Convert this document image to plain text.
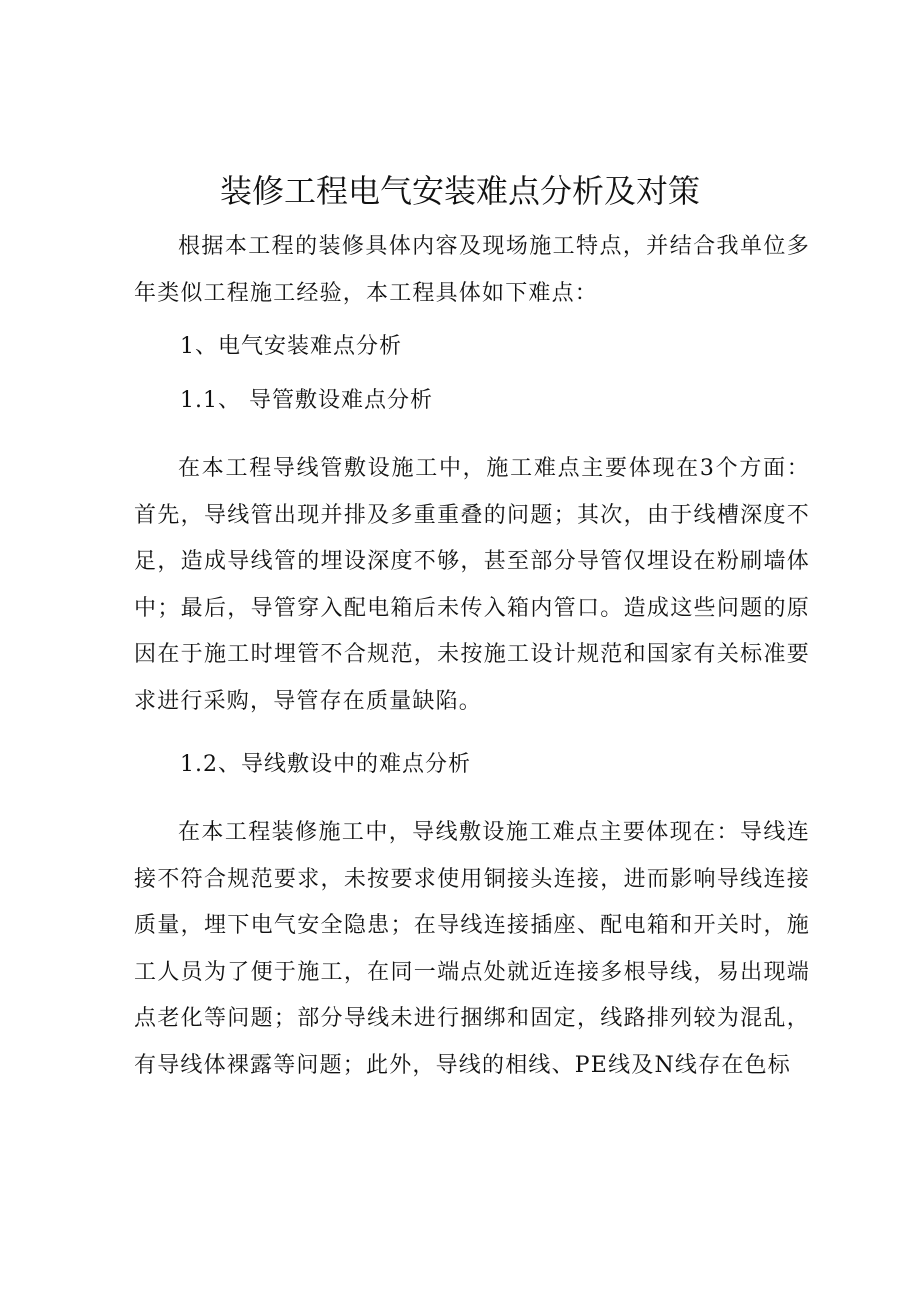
装修工程电气安装难点分析及对策

根据本工程的装修具体内容及现场施工特点，并结合我单位多年类似工程施工经验，本工程具体如下难点：

1、电气安装难点分析
1.1、 导管敷设难点分析

在本工程导线管敷设施工中，施工难点主要体现在3个方面：首先，导线管出现并排及多重重叠的问题；其次，由于线槽深度不足，造成导线管的埋设深度不够，甚至部分导管仅埋设在粉刷墙体中；最后，导管穿入配电箱后未传入箱内管口。造成这些问题的原因在于施工时埋管不合规范，未按施工设计规范和国家有关标准要求进行采购，导管存在质量缺陷。

1.2、导线敷设中的难点分析

在本工程装修施工中，导线敷设施工难点主要体现在：导线连接不符合规范要求，未按要求使用铜接头连接，进而影响导线连接质量，埋下电气安全隐患；在导线连接插座、配电箱和开关时，施工人员为了便于施工，在同一端点处就近连接多根导线，易出现端点老化等问题；部分导线未进行捆绑和固定，线路排列较为混乱，有导线体裸露等问题；此外，导线的相线、PE线及N线存在色标
